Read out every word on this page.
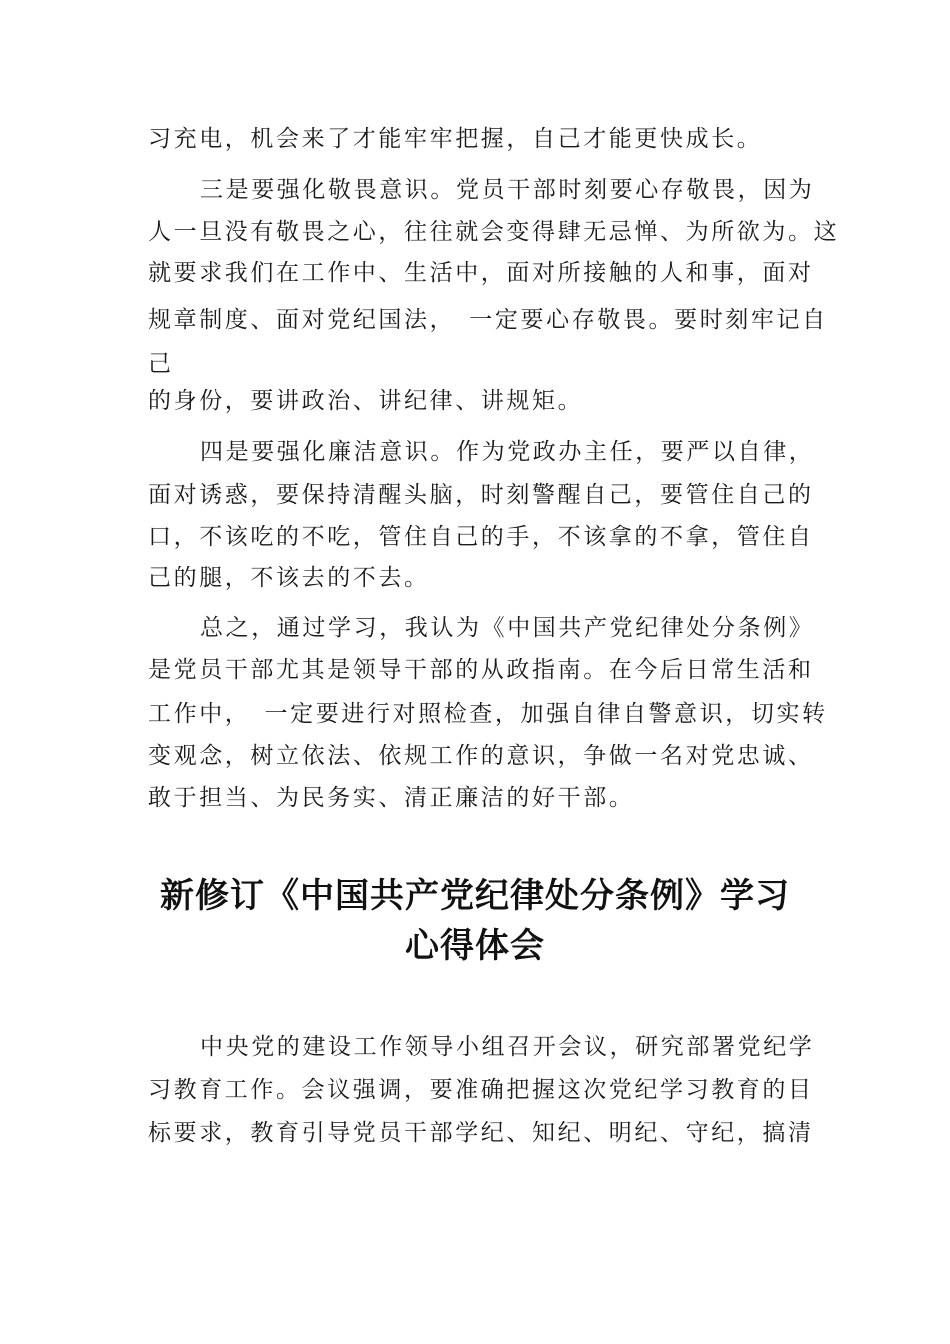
习充电，机会来了才能牢牢把握，自己才能更快成长。
三是要强化敬畏意识。党员干部时刻要心存敬畏，因为
人一旦没有敬畏之心，往往就会变得肆无忌惮、为所欲为。这
就要求我们在工作中、生活中，面对所接触的人和事，面对
规章制度、面对党纪国法，　一定要心存敬畏。要时刻牢记自
己
的身份，要讲政治、讲纪律、讲规矩。
四是要强化廉洁意识。作为党政办主任，要严以自律，
面对诱惑，要保持清醒头脑，时刻警醒自己，要管住自己的
口，不该吃的不吃，管住自己的手，不该拿的不拿，管住自
己的腿，不该去的不去。
总之，通过学习，我认为《中国共产党纪律处分条例》
是党员干部尤其是领导干部的从政指南。在今后日常生活和
工作中，　一定要进行对照检查，加强自律自警意识，切实转
变观念，树立依法、依规工作的意识，争做一名对党忠诚、
敢于担当、为民务实、清正廉洁的好干部。
新修订《中国共产党纪律处分条例》学习
心得体会
中央党的建设工作领导小组召开会议，研究部署党纪学
习教育工作。会议强调，要准确把握这次党纪学习教育的目
标要求，教育引导党员干部学纪、知纪、明纪、守纪，搞清
